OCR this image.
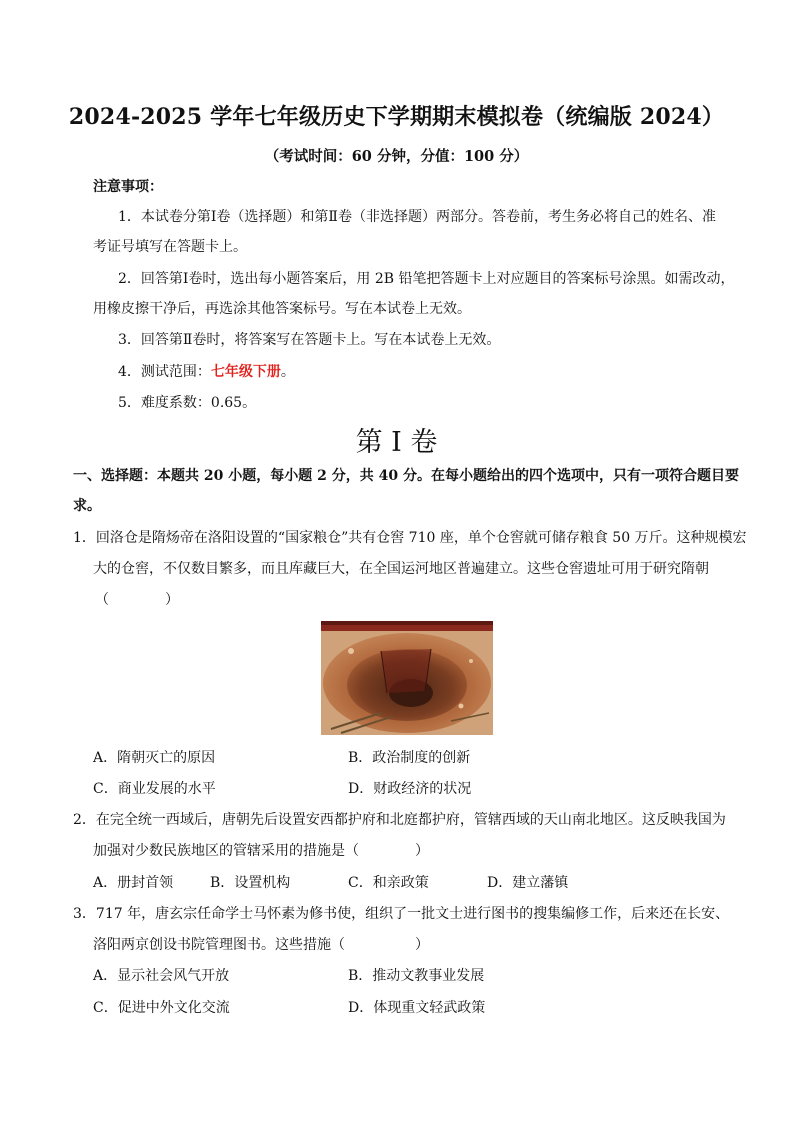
2024-2025 学年七年级历史下学期期末模拟卷（统编版 2024）
（考试时间：60 分钟，分值：100 分）
注意事项：
1．本试卷分第Ⅰ卷（选择题）和第Ⅱ卷（非选择题）两部分。答卷前，考生务必将自己的姓名、准
考证号填写在答题卡上。
2．回答第Ⅰ卷时，选出每小题答案后，用 2B 铅笔把答题卡上对应题目的答案标号涂黑。如需改动，
用橡皮擦干净后，再选涂其他答案标号。写在本试卷上无效。
3．回答第Ⅱ卷时，将答案写在答题卡上。写在本试卷上无效。
4．测试范围：七年级下册。
5．难度系数：0.65。
第 Ⅰ 卷
一、选择题：本题共 20 小题，每小题 2 分，共 40 分。在每小题给出的四个选项中，只有一项符合题目要
求。
1．回洛仓是隋炀帝在洛阳设置的“国家粮仓”共有仓窖 710 座，单个仓窖就可储存粮食 50 万斤。这种规模宏
大的仓窖，不仅数目繁多，而且库藏巨大，在全国运河地区普遍建立。这些仓窖遗址可用于研究隋朝
（　　　　）
A．隋朝灭亡的原因	B．政治制度的创新
C．商业发展的水平	D．财政经济的状况
2．在完全统一西域后，唐朝先后设置安西都护府和北庭都护府，管辖西域的天山南北地区。这反映我国为
加强对少数民族地区的管辖采用的措施是（　　　　）
A．册封首领	B．设置机构	C．和亲政策	D．建立藩镇
3．717 年，唐玄宗任命学士马怀素为修书使，组织了一批文士进行图书的搜集编修工作，后来还在长安、
洛阳两京创设书院管理图书。这些措施（　　　　　）
A．显示社会风气开放	B．推动文教事业发展
C．促进中外文化交流	D．体现重文轻武政策
